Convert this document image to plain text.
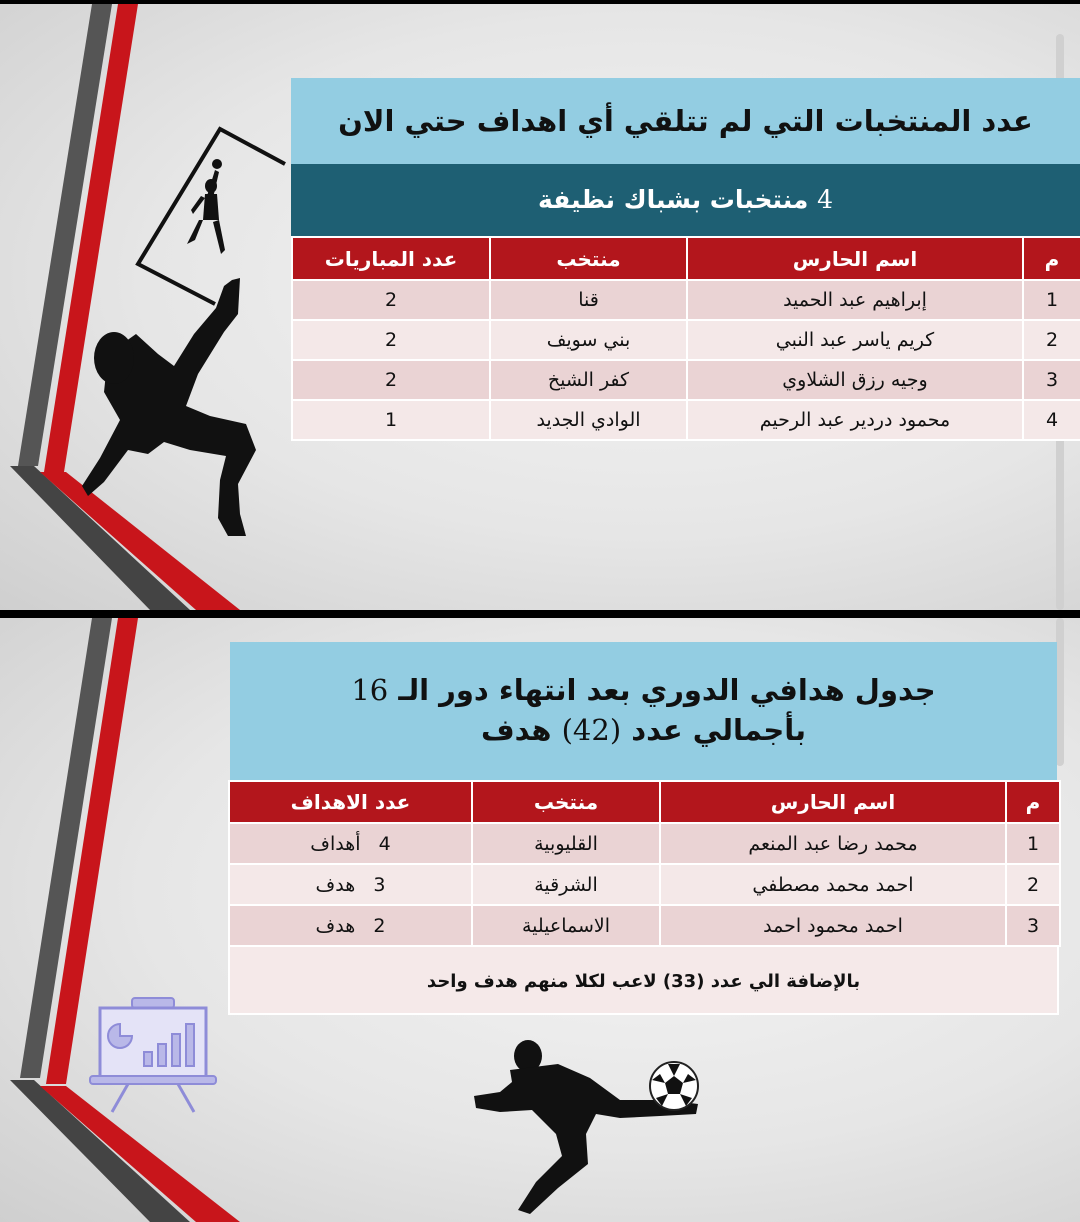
عدد المنتخبات التي لم تتلقي أي اهداف حتي الان
4 منتخبات بشباك نظيفة
م	اسم الحارس	منتخب	عدد المباريات
1	إبراهيم عبد الحميد	قنا	2
2	كريم ياسر عبد النبي	بني سويف	2
3	وجيه رزق الشلاوي	كفر الشيخ	2
4	محمود دردير عبد الرحيم	الوادي الجديد	1
جدول هدافي الدوري بعد انتهاء دور الـ 16
بأجمالي عدد (42) هدف
م	اسم الحارس	منتخب	عدد الاهداف
1	محمد رضا عبد المنعم	القليوبية	4   أهداف
2	احمد محمد مصطفي	الشرقية	3   هدف
3	احمد محمود احمد	الاسماعيلية	2   هدف
بالإضافة الي عدد (33) لاعب لكلا منهم هدف واحد
